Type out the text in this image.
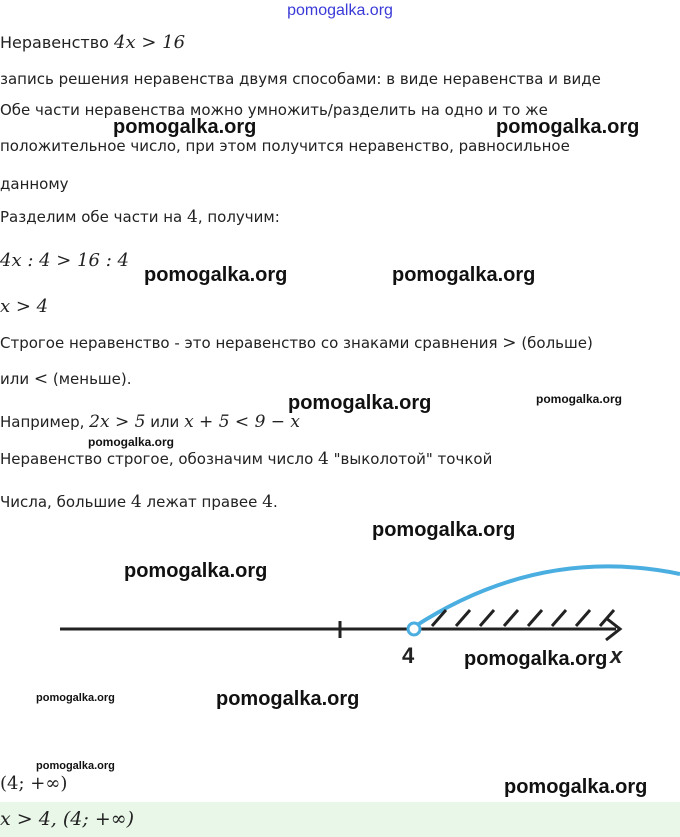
pomogalka.org
Неравенство 4x > 16
запись решения неравенства двумя способами: в виде неравенства и виде
Обе части неравенства можно умножить/разделить на одно и то же
положительное число, при этом получится неравенство, равносильное
данному
Разделим обе части на 4, получим:
4x : 4 > 16 : 4
x > 4
Строгое неравенство - это неравенство со знаками сравнения > (больше)
или < (меньше).
Например, 2x > 5 или x + 5 < 9 − x
Неравенство строгое, обозначим число 4 "выколотой" точкой
Числа, большие 4 лежат правее 4.
4	x
(4; +∞)
x > 4, (4; +∞)
pomogalka.org	pomogalka.org
pomogalka.org	pomogalka.org
pomogalka.org	pomogalka.org
pomogalka.org
pomogalka.org
pomogalka.org
pomogalka.org
pomogalka.org	pomogalka.org
pomogalka.org
pomogalka.org
